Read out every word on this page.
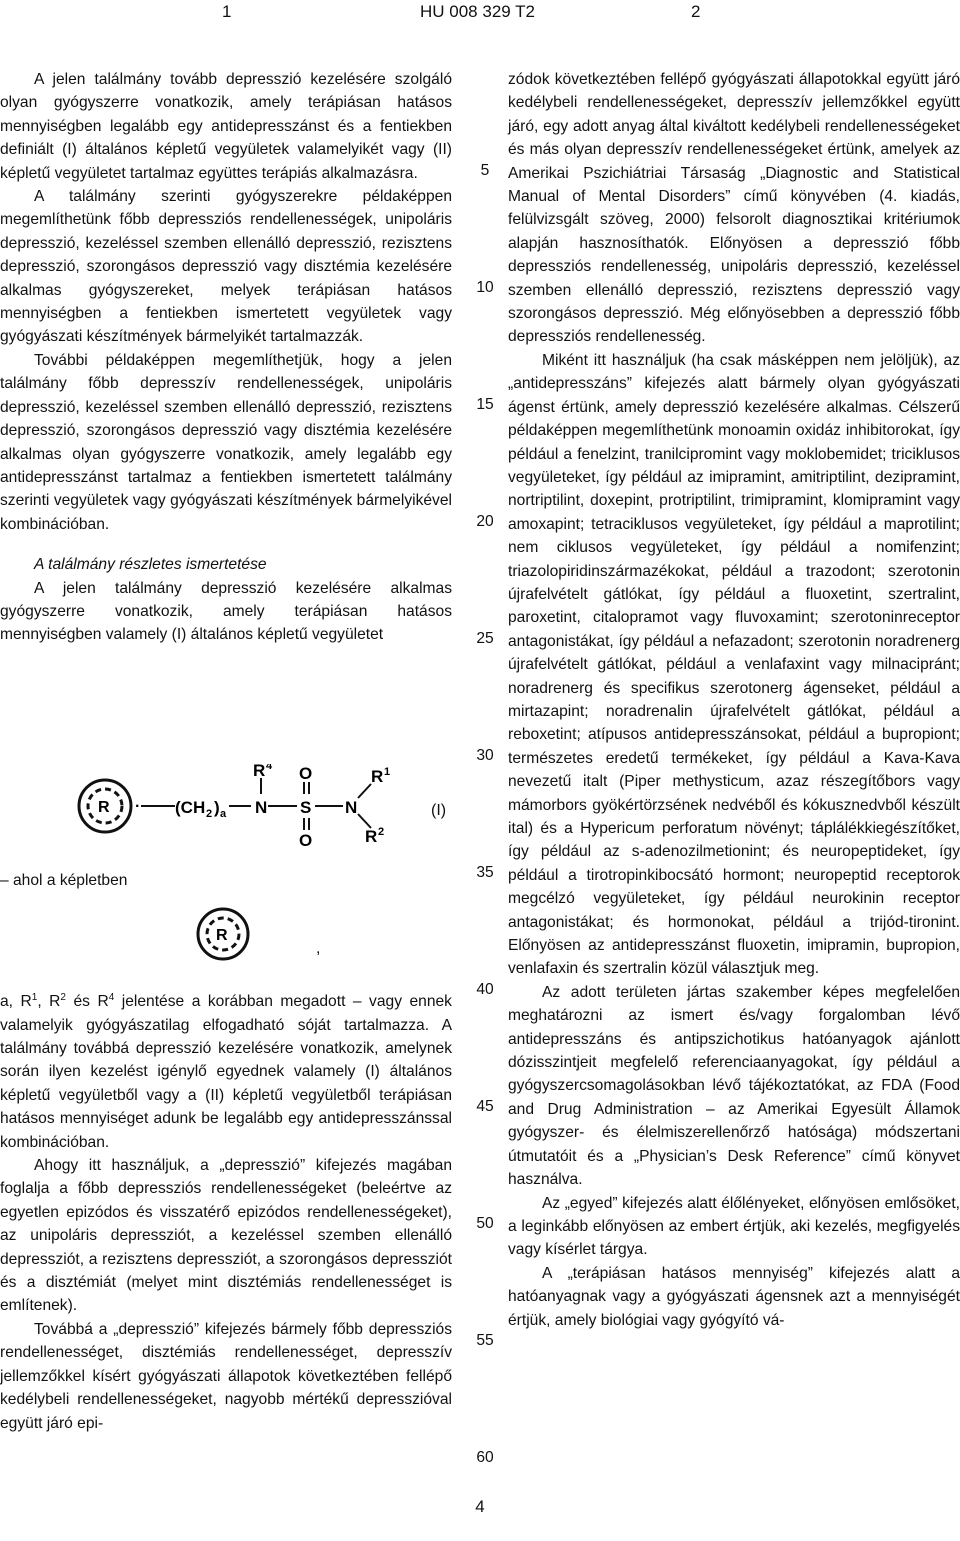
1	HU 008 329 T2	2

A jelen találmány tovább depresszió kezelésére szolgáló olyan gyógyszerre vonatkozik, amely terápiásan hatásos mennyiségben legalább egy antidepresszánst és a fentiekben definiált (I) általános képletű vegyületek valamelyikét vagy (II) képletű vegyületet tartalmaz együttes terápiás alkalmazásra.

A találmány szerinti gyógyszerekre példaképpen megemlíthetünk főbb depressziós rendellenességek, unipoláris depresszió, kezeléssel szemben ellenálló depresszió, rezisztens depresszió, szorongásos depresszió vagy disztémia kezelésére alkalmas gyógyszereket, melyek terápiásan hatásos mennyiségben a fentiekben ismertetett vegyületek vagy gyógyászati készítmények bármelyikét tartalmazzák.

További példaképpen megemlíthetjük, hogy a jelen találmány főbb depresszív rendellenességek, unipoláris depresszió, kezeléssel szemben ellenálló depresszió, rezisztens depresszió, szorongásos depresszió vagy disztémia kezelésére alkalmas olyan gyógyszerre vonatkozik, amely legalább egy antidepresszánst tartalmaz a fentiekben ismertetett találmány szerinti vegyületek vagy gyógyászati készítmények bármelyikével kombinációban.

A találmány részletes ismertetése

A jelen találmány depresszió kezelésére alkalmas gyógyszerre vonatkozik, amely terápiásan hatásos mennyiségben valamely (I) általános képletű vegyületet

R · (CH 2 ) a N
R 4
S
O
O
N
R 1
R 2
(I)
– ahol a képletben
R
,

a, $R^1$, $R^2$ és $R^4$ jelentése a korábban megadott – vagy ennek valamelyik gyógyászatilag elfogadható sóját tartalmazza. A találmány továbbá depresszió kezelésére vonatkozik, amelynek során ilyen kezelést igénylő egyednek valamely (I) általános képletű vegyületből vagy a (II) képletű vegyületből terápiásan hatásos mennyiséget adunk be legalább egy antidepresszánssal kombinációban.

Ahogy itt használjuk, a „depresszió” kifejezés magában foglalja a főbb depressziós rendellenességeket (beleértve az egyetlen epizódos és visszatérő epizódos rendellenességeket), az unipoláris depressziót, a kezeléssel szemben ellenálló depressziót, a rezisztens depressziót, a szorongásos depressziót és a disztémiát (melyet mint disztémiás rendellenességet is említenek).

Továbbá a „depresszió” kifejezés bármely főbb depressziós rendellenességet, disztémiás rendellenességet, depresszív jellemzőkkel kísért gyógyászati állapotok következtében fellépő kedélybeli rendellenességeket, nagyobb mértékű depresszióval együtt járó epi-

5
10
15
20
25
30
35
40
45
50
55
60

zódok következtében fellépő gyógyászati állapotokkal együtt járó kedélybeli rendellenességeket, depresszív jellemzőkkel együtt járó, egy adott anyag által kiváltott kedélybeli rendellenességeket és más olyan depresszív rendellenességeket értünk, amelyek az Amerikai Pszichiátriai Társaság „Diagnostic and Statistical Manual of Mental Disorders” című könyvében (4. kiadás, felülvizsgált szöveg, 2000) felsorolt diagnosztikai kritériumok alapján hasznosíthatók. Előnyösen a depresszió főbb depressziós rendellenesség, unipoláris depresszió, kezeléssel szemben ellenálló depresszió, rezisztens depresszió vagy szorongásos depresszió. Még előnyösebben a depresszió főbb depressziós rendellenesség.

Miként itt használjuk (ha csak másképpen nem jelöljük), az „antidepresszáns” kifejezés alatt bármely olyan gyógyászati ágenst értünk, amely depresszió kezelésére alkalmas. Célszerű példaképpen megemlíthetünk monoamin oxidáz inhibitorokat, így például a fenelzint, tranilcipromint vagy moklobemidet; triciklusos vegyületeket, így például az imipramint, amitriptilint, dezipramint, nortriptilint, doxepint, protriptilint, trimipramint, klomipramint vagy amoxapint; tetraciklusos vegyületeket, így például a maprotilint; nem ciklusos vegyületeket, így például a nomifenzint; triazolopiridinszármazékokat, például a trazodont; szerotonin újrafelvételt gátlókat, így például a fluoxetint, szertralint, paroxetint, citalopramot vagy fluvoxamint; szerotoninreceptor antagonistákat, így például a nefazadont; szerotonin noradrenerg újrafelvételt gátlókat, például a venlafaxint vagy milnacipránt; noradrenerg és specifikus szerotonerg ágenseket, például a mirtazapint; noradrenalin újrafelvételt gátlókat, például a reboxetint; atípusos antidepresszánsokat, például a bupropiont; természetes eredetű termékeket, így például a Kava-Kava nevezetű italt (Piper methysticum, azaz részegítőbors vagy mámorbors gyökértörzsének nedvéből és kókusznedvből készült ital) és a Hypericum perforatum növényt; táplálékkiegészítőket, így például az s-adenozilmetionint; és neuropeptideket, így például a tirotropinkibocsátó hormont; neuropeptid receptorok megcélzó vegyületeket, így például neurokinin receptor antagonistákat; és hormonokat, például a trijód-tironint. Előnyösen az antidepresszánst fluoxetin, imipramin, bupropion, venlafaxin és szertralin közül választjuk meg.

Az adott területen jártas szakember képes megfelelően meghatározni az ismert és/vagy forgalomban lévő antidepresszáns és antipszichotikus hatóanyagok ajánlott dózisszintjeit megfelelő referenciaanyagokat, így például a gyógyszercsomagolásokban lévő tájékoztatókat, az FDA (Food and Drug Administration – az Amerikai Egyesült Államok gyógyszer- és élelmiszerellenőrző hatósága) módszertani útmutatóit és a „Physician’s Desk Reference” című könyvet használva.

Az „egyed” kifejezés alatt élőlényeket, előnyösen emlősöket, a leginkább előnyösen az embert értjük, aki kezelés, megfigyelés vagy kísérlet tárgya.

A „terápiásan hatásos mennyiség” kifejezés alatt a hatóanyagnak vagy a gyógyászati ágensnek azt a mennyiségét értjük, amely biológiai vagy gyógyító vá-

4
